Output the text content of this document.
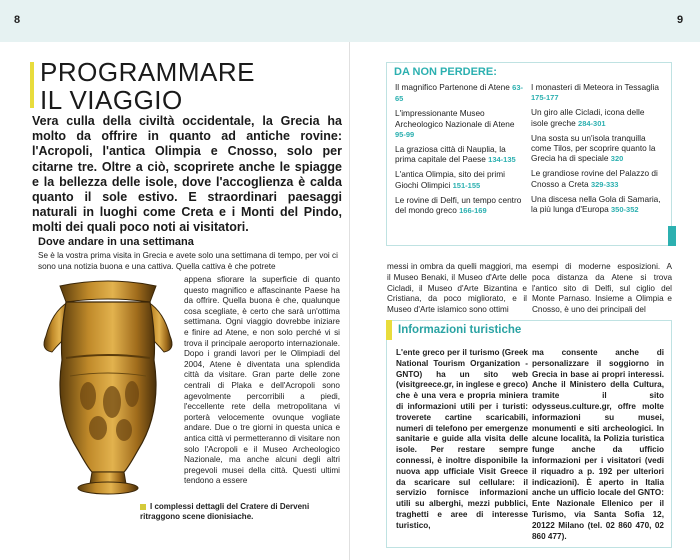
8	9
PROGRAMMARE
IL VIAGGIO

Vera culla della civiltà occidentale, la Grecia ha molto da offrire in quanto ad antiche rovine: l'Acropoli, l'antica Olimpia e Cnosso, solo per citarne tre. Oltre a ciò, scoprirete anche le spiagge e la bellezza delle isole, dove l'accoglienza è calda quanto il sole estivo. E straordinari paesaggi naturali in luoghi come Creta e i Monti del Pindo, molti dei quali poco noti ai visitatori.

Dove andare in una settimana

Se è la vostra prima visita in Grecia e avete solo una settimana di tempo, per voi ci sono una notizia buona e una cattiva. Quella cattiva è che potrete

appena sfiorare la superficie di quanto questo magnifico e affascinante Paese ha da offrire. Quella buona è che, qualunque cosa scegliate, è certo che sarà un'ottima settimana. Ogni viaggio dovrebbe iniziare e finire ad Atene, e non solo perché vi si trova il principale aeroporto internazionale. Dopo i grandi lavori per le Olimpiadi del 2004, Atene è diventata una splendida città da visitare. Gran parte delle zone centrali di Plaka e dell'Acropoli sono agevolmente percorribili a piedi, l'eccellente rete della metropolitana vi porterà velocemente ovunque vogliate andare. Due o tre giorni in questa unica e antica città vi permetteranno di visitare non solo l'Acropoli e il Museo Archeologico Nazionale, ma anche alcuni degli altri pregevoli musei della città. Questi ultimi tendono a essere

I complessi dettagli del Cratere di Derveni ritraggono scene dionisiache.
DA NON PERDERE:
Il magnifico Partenone di Atene 63-65
L'impressionante Museo Archeologico Nazionale di Atene 95-99
La graziosa città di Nauplia, la prima capitale del Paese 134-135
L'antica Olimpia, sito dei primi Giochi Olimpici 151-155
Le rovine di Delfi, un tempo centro del mondo greco 166-169
I monasteri di Meteora in Tessaglia 175-177
Un giro alle Cicladi, icona delle isole greche 284-301
Una sosta su un'isola tranquilla come Tilos, per scoprire quanto la Grecia ha di speciale 320
Le grandiose rovine del Palazzo di Cnosso a Creta 329-333
Una discesa nella Gola di Samaria, la più lunga d'Europa 350-352

messi in ombra da quelli maggiori, ma il Museo Benaki, il Museo d'Arte delle Cicladi, il Museo d'Arte Bizantina e Cristiana, da poco migliorato, e il Museo d'Arte islamico sono ottimi

esempi di moderne esposizioni. A poca distanza da Atene si trova l'antico sito di Delfi, sul ciglio del Monte Parnaso. Insieme a Olimpia e Cnosso, è uno dei principali del

Informazioni turistiche

L'ente greco per il turismo (Greek National Tourism Organization - GNTO) ha un sito web (visitgreece.gr, in inglese e greco) che è una vera e propria miniera di informazioni utili per i turisti: troverete cartine scaricabili, numeri di telefono per emergenze sanitarie e guide alla visita delle isole. Per restare sempre connessi, è inoltre disponibile la nuova app ufficiale Visit Greece da scaricare sul cellulare: il servizio fornisce informazioni utili su alberghi, mezzi pubblici, traghetti e aree di interesse turistico,

ma consente anche di personalizzare il soggiorno in Grecia in base ai propri interessi. Anche il Ministero della Cultura, tramite il sito odysseus.culture.gr, offre molte informazioni su musei, monumenti e siti archeologici. In alcune località, la Polizia turistica funge anche da ufficio informazioni per i visitatori (vedi il riquadro a p. 192 per ulteriori indicazioni). È aperto in Italia anche un ufficio locale del GNTO: Ente Nazionale Ellenico per il Turismo, via Santa Sofia 12, 20122 Milano (tel. 02 860 470, 02 860 477).
